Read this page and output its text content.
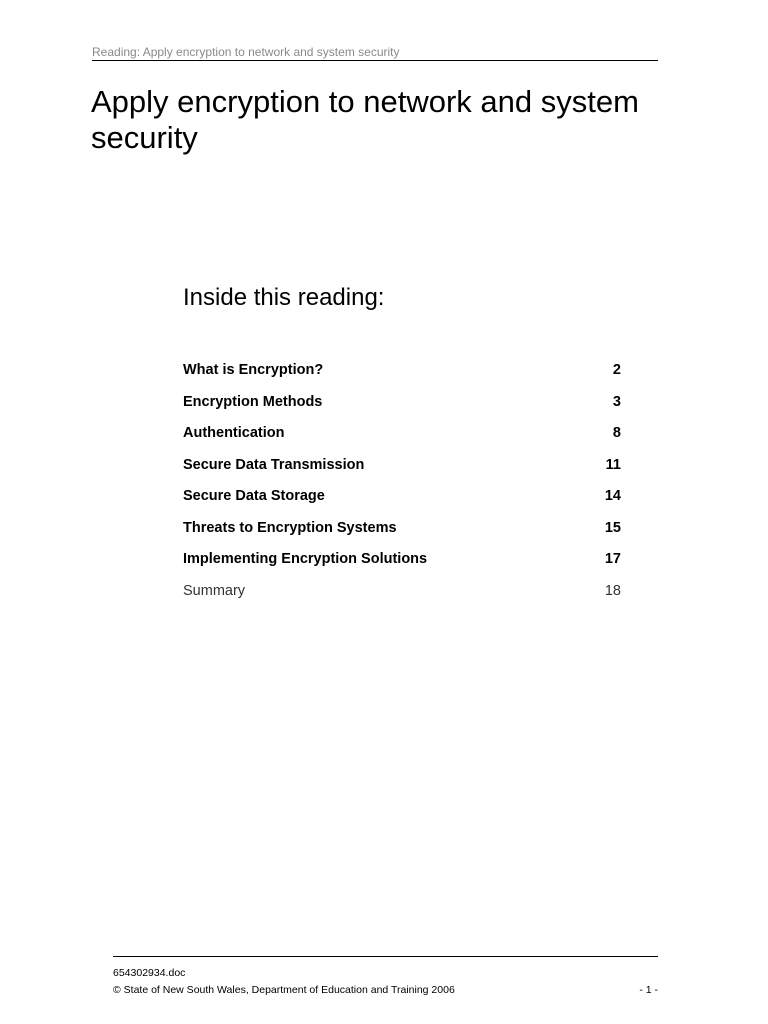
Reading: Apply encryption to network and system security
Apply encryption to network and system security
Inside this reading:
What is Encryption?	2
Encryption Methods	3
Authentication	8
Secure Data Transmission	11
Secure Data Storage	14
Threats to Encryption Systems	15
Implementing Encryption Solutions	17
Summary	18
654302934.doc
© State of New South Wales, Department of Education and Training 2006	- 1 -
